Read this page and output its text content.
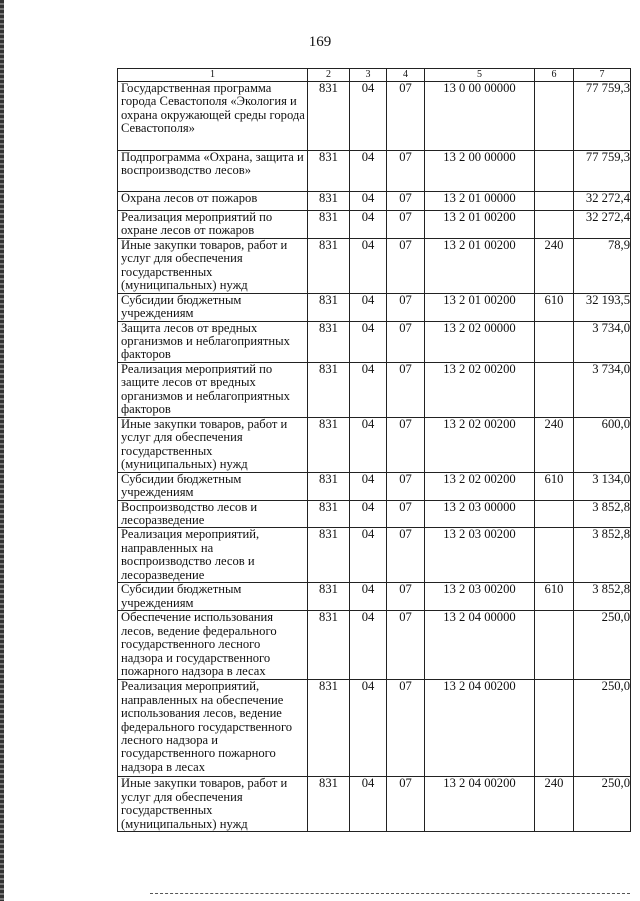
169
1	2	3	4	5	6	7
Государственная программа города Севастополя «Экология и охрана окружающей среды города Севастополя»	831	04	07	13 0 00 00000		77 759,3
Подпрограмма «Охрана, защита и воспроизводство лесов»	831	04	07	13 2 00 00000		77 759,3
Охрана лесов от пожаров	831	04	07	13 2 01 00000		32 272,4
Реализация мероприятий по охране лесов от пожаров	831	04	07	13 2 01 00200		32 272,4
Иные закупки товаров, работ и услуг для обеспечения государственных (муниципальных) нужд	831	04	07	13 2 01 00200	240	78,9
Субсидии бюджетным учреждениям	831	04	07	13 2 01 00200	610	32 193,5
Защита лесов от вредных организмов и неблагоприятных факторов	831	04	07	13 2 02 00000		3 734,0
Реализация мероприятий по защите лесов от вредных организмов и неблагоприятных факторов	831	04	07	13 2 02 00200		3 734,0
Иные закупки товаров, работ и услуг для обеспечения государственных (муниципальных) нужд	831	04	07	13 2 02 00200	240	600,0
Субсидии бюджетным учреждениям	831	04	07	13 2 02 00200	610	3 134,0
Воспроизводство лесов и лесоразведение	831	04	07	13 2 03 00000		3 852,8
Реализация мероприятий, направленных на воспроизводство лесов и лесоразведение	831	04	07	13 2 03 00200		3 852,8
Субсидии бюджетным учреждениям	831	04	07	13 2 03 00200	610	3 852,8
Обеспечение использования лесов, ведение федерального государственного лесного надзора и государственного пожарного надзора в лесах	831	04	07	13 2 04 00000		250,0
Реализация мероприятий, направленных на обеспечение использования лесов, ведение федерального государственного лесного надзора и государственного пожарного надзора в лесах	831	04	07	13 2 04 00200		250,0
Иные закупки товаров, работ и услуг для обеспечения государственных (муниципальных) нужд	831	04	07	13 2 04 00200	240	250,0
